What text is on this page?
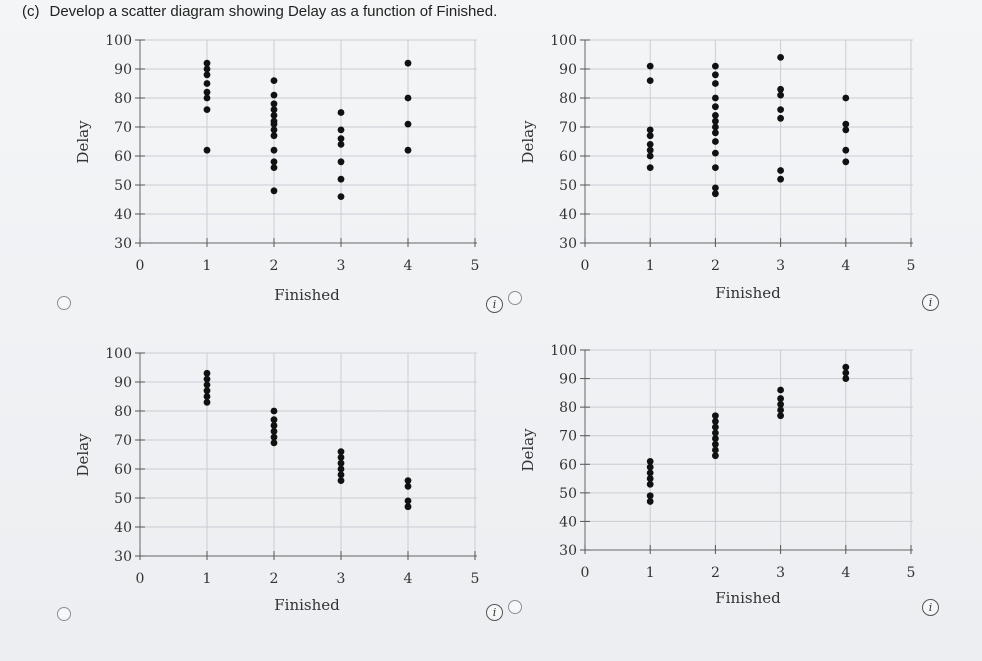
(c) Develop a scatter diagram showing Delay as a function of Finished.
30
40
50
60
70
80
90
100
0	1	2	3	4	5
Finished
Delay
30
40
50
60
70
80
90
100
0	1	2	3	4	5
Finished
Delay
30
40
50
60
70
80
90
100
0	1	2	3	4	5
Finished
Delay
30
40
50
60
70
80
90
100
0	1	2	3	4	5
Finished
Delay
i	i
i	i
